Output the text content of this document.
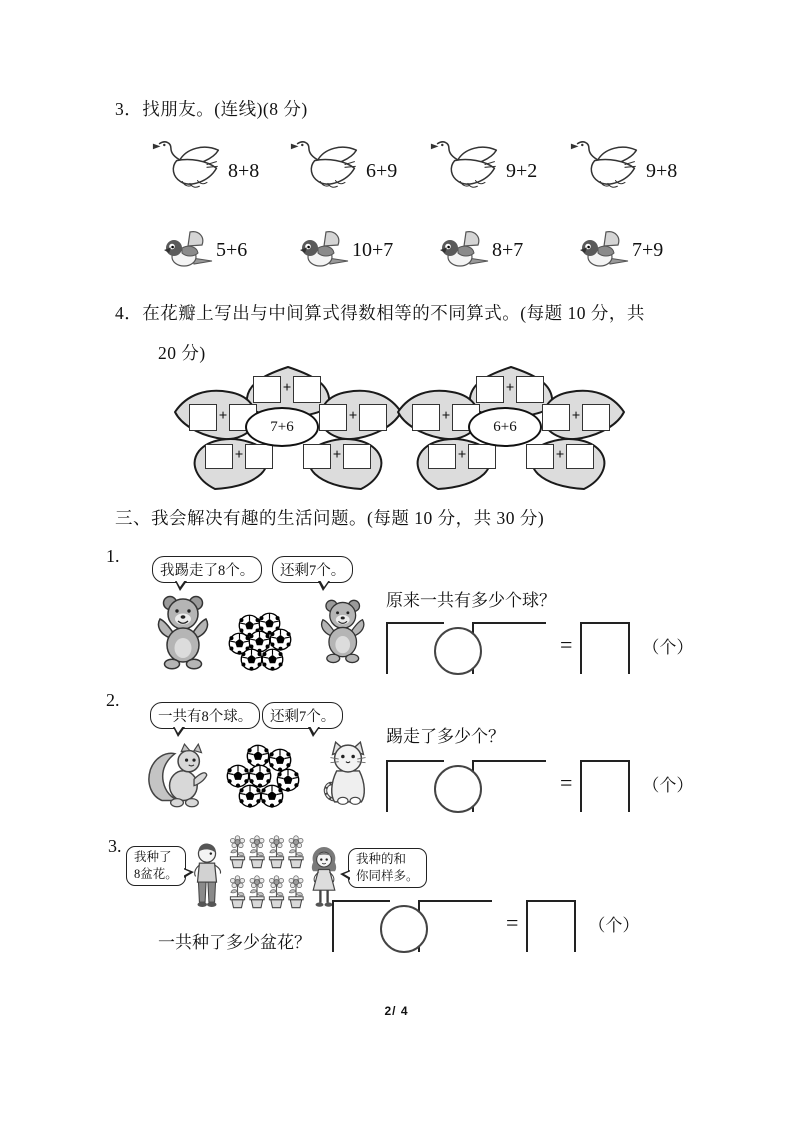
3．找朋友。(连线)(8 分)
8+8	6+9	9+2	9+8
5+6	10+7	8+7	7+9
4．在花瓣上写出与中间算式得数相等的不同算式。(每题 10 分，共
20 分)
+
+	+
+	+
7+6
+
+	+
+	+
6+6
三、我会解决有趣的生活问题。(每题 10 分，共 30 分)
1.
我踢走了8个。	还剩7个。
原来一共有多少个球？
=	（个）
2.
一共有8个球。	还剩7个。
踢走了多少个？
=	（个）
3.
我种了
8盆花。
我种的和
你同样多。
一共种了多少盆花？
=	（个）
2/ 4
